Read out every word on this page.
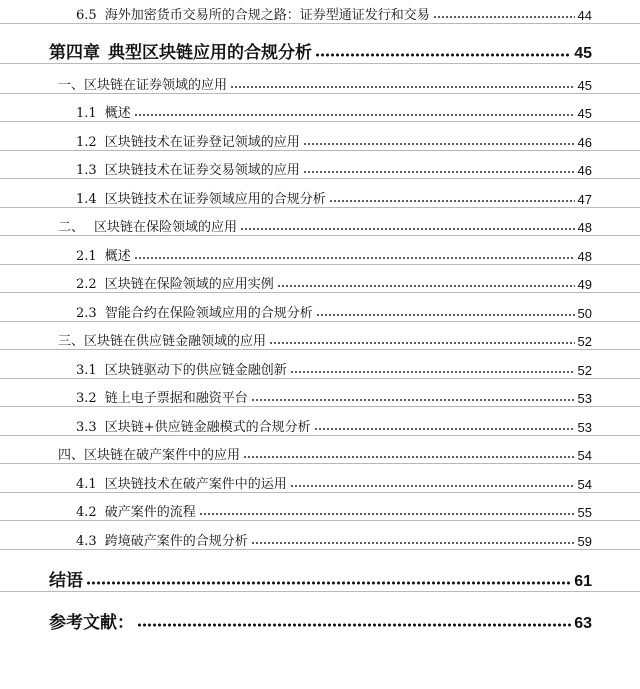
6.5 海外加密货币交易所的合规之路：证券型通证发行和交易	44
第四章 典型区块链应用的合规分析	45
一、区块链在证券领域的应用	45
1.1 概述	45
1.2 区块链技术在证券登记领域的应用	46
1.3 区块链技术在证券交易领域的应用	46
1.4 区块链技术在证券领域应用的合规分析	47
二、 区块链在保险领域的应用	48
2.1 概述	48
2.2 区块链在保险领域的应用实例	49
2.3 智能合约在保险领域应用的合规分析	50
三、区块链在供应链金融领域的应用	52
3.1 区块链驱动下的供应链金融创新	52
3.2 链上电子票据和融资平台	53
3.3 区块链+供应链金融模式的合规分析	53
四、区块链在破产案件中的应用	54
4.1 区块链技术在破产案件中的运用	54
4.2 破产案件的流程	55
4.3 跨境破产案件的合规分析	59
结语	61
参考文献：	63
